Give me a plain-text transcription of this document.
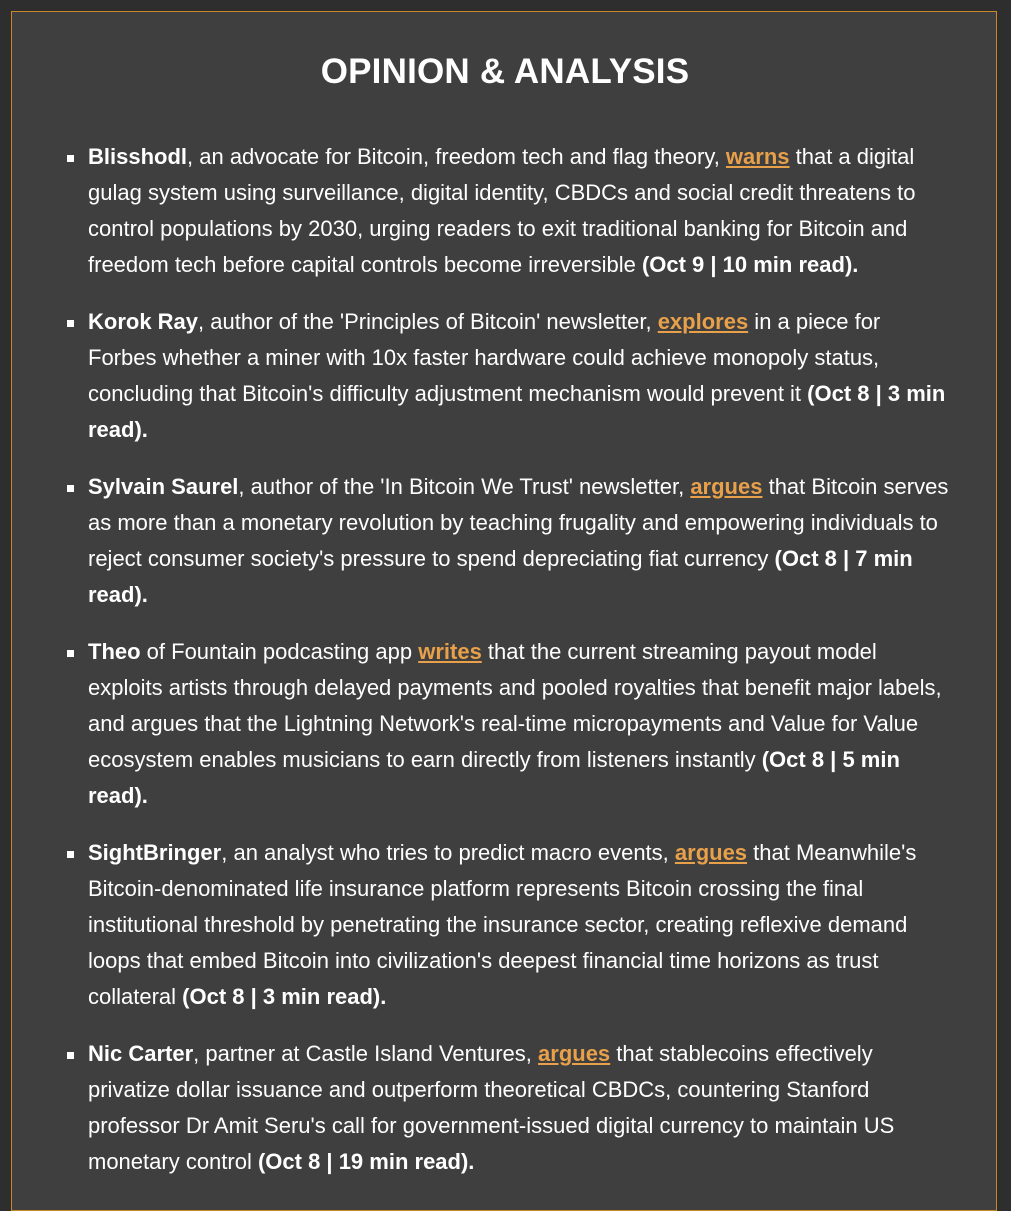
OPINION & ANALYSIS
Blisshodl, an advocate for Bitcoin, freedom tech and flag theory, warns that a digital gulag system using surveillance, digital identity, CBDCs and social credit threatens to control populations by 2030, urging readers to exit traditional banking for Bitcoin and freedom tech before capital controls become irreversible (Oct 9 | 10 min read).
Korok Ray, author of the 'Principles of Bitcoin' newsletter, explores in a piece for Forbes whether a miner with 10x faster hardware could achieve monopoly status, concluding that Bitcoin's difficulty adjustment mechanism would prevent it (Oct 8 | 3 min read).
Sylvain Saurel, author of the 'In Bitcoin We Trust' newsletter, argues that Bitcoin serves as more than a monetary revolution by teaching frugality and empowering individuals to reject consumer society's pressure to spend depreciating fiat currency (Oct 8 | 7 min read).
Theo of Fountain podcasting app writes that the current streaming payout model exploits artists through delayed payments and pooled royalties that benefit major labels, and argues that the Lightning Network's real-time micropayments and Value for Value ecosystem enables musicians to earn directly from listeners instantly (Oct 8 | 5 min read).
SightBringer, an analyst who tries to predict macro events, argues that Meanwhile's Bitcoin-denominated life insurance platform represents Bitcoin crossing the final institutional threshold by penetrating the insurance sector, creating reflexive demand loops that embed Bitcoin into civilization's deepest financial time horizons as trust collateral (Oct 8 | 3 min read).
Nic Carter, partner at Castle Island Ventures, argues that stablecoins effectively privatize dollar issuance and outperform theoretical CBDCs, countering Stanford professor Dr Amit Seru's call for government-issued digital currency to maintain US monetary control (Oct 8 | 19 min read).
